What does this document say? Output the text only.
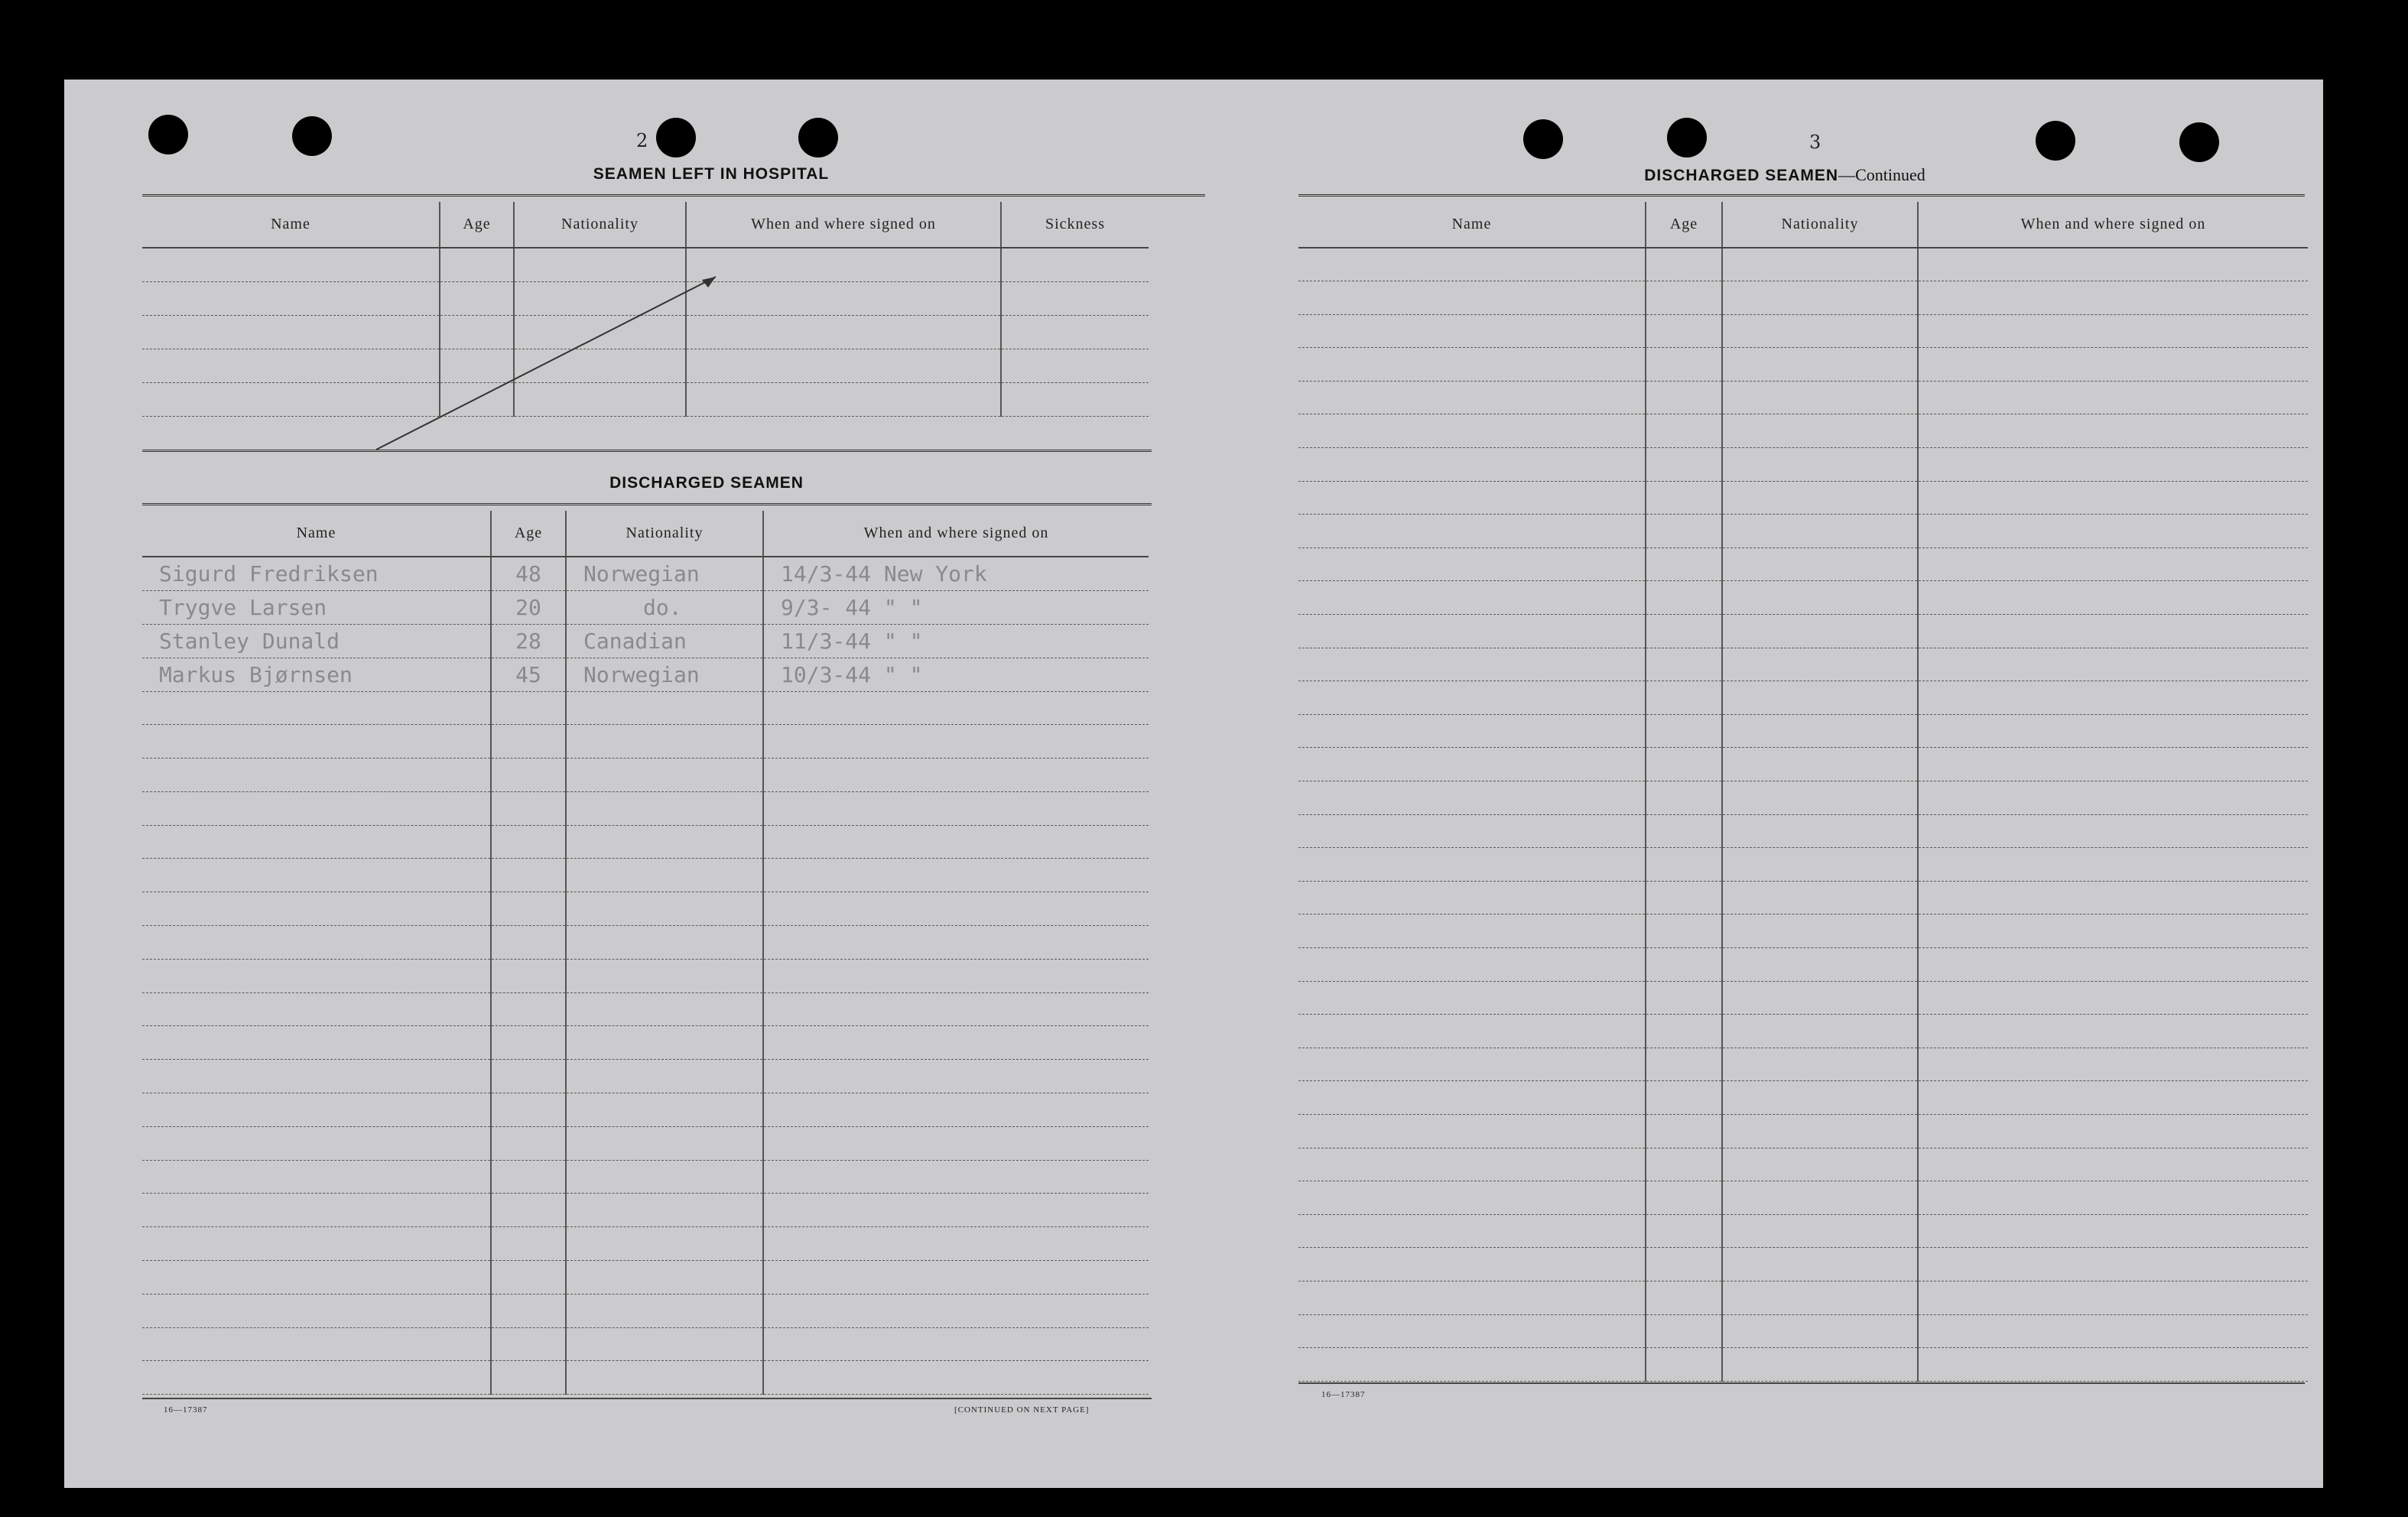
2
SEAMEN LEFT IN HOSPITAL
Name	Age	Nationality	When and where signed on	Sickness

DISCHARGED SEAMEN
Name	Age	Nationality	When and where signed on
Sigurd Fredriksen	48	Norwegian	14/3-44 New York
Trygve Larsen	20	do.	9/3- 44 " "
Stanley Dunald	28	Canadian	11/3-44 " "
Markus Bjørnsen	45	Norwegian	10/3-44 " "

16—17387	[CONTINUED ON NEXT PAGE]
3
DISCHARGED SEAMEN—Continued
Name	Age	Nationality	When and where signed on

16—17387
